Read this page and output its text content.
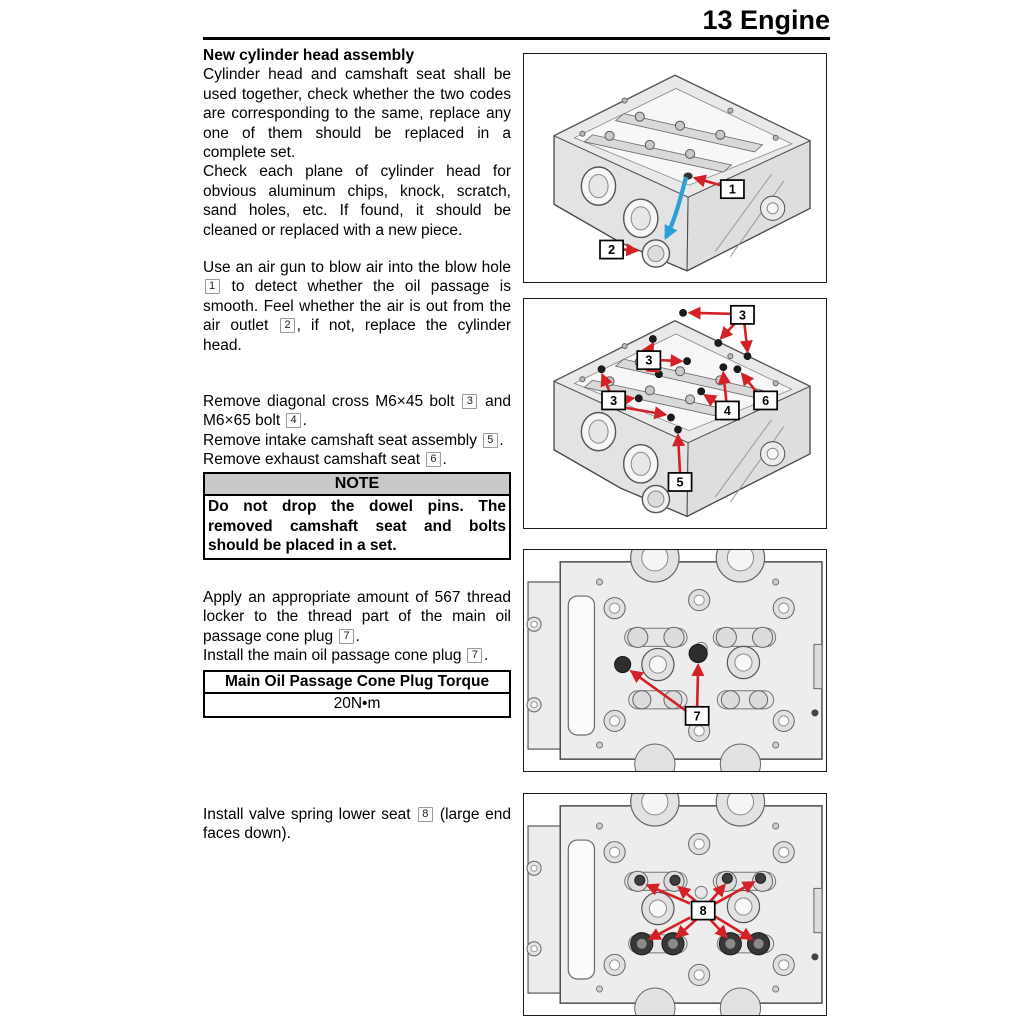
13 Engine

New cylinder head assembly

Cylinder head and camshaft seat shall be used together, check whether the two codes are corresponding to the same, replace any one of them should be replaced in a complete set.

Check each plane of cylinder head for obvious aluminum chips, knock, scratch, sand holes, etc. If found, it should be cleaned or replaced with a new piece.

Use an air gun to blow air into the blow hole 1 to detect whether the oil passage is smooth. Feel whether the air is out from the air outlet 2 , if not, replace the cylinder head.

Remove diagonal cross M6×45 bolt 3 and M6×65 bolt 4 .

Remove intake camshaft seat assembly 5 .

Remove exhaust camshaft seat 6 .

NOTE
Do not drop the dowel pins. The removed camshaft seat and bolts should be placed in a set.

Apply an appropriate amount of 567 thread locker to the thread part of the main oil passage cone plug 7 .

Install the main oil passage cone plug 7 .

Main Oil Passage Cone Plug Torque
20N•m

Install valve spring lower seat 8 (large end faces down).

1
2
3
3
3
4
5
6
7
8
